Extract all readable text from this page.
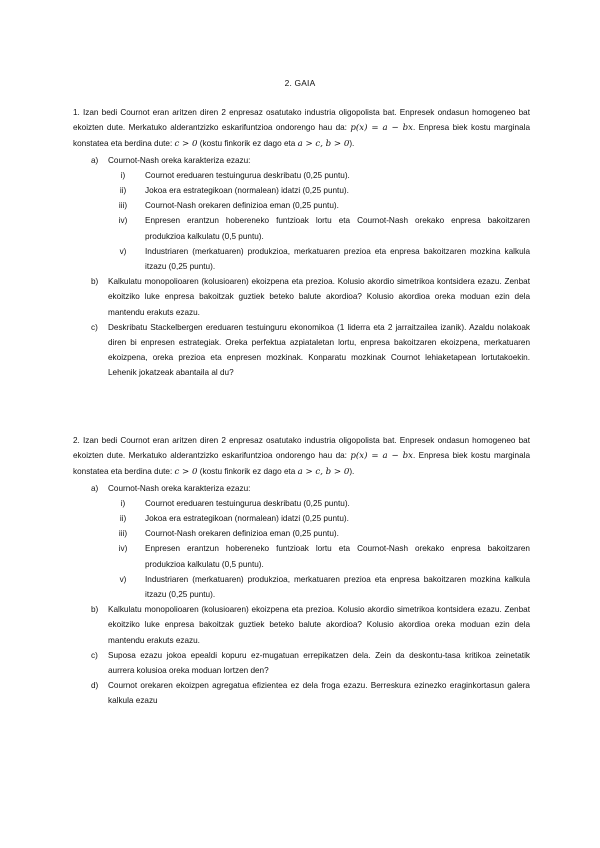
2. GAIA

1. Izan bedi Cournot eran aritzen diren 2 enpresaz osatutako industria oligopolista bat. Enpresek ondasun homogeneo bat ekoizten dute. Merkatuko alderantzizko eskarifuntzioa ondorengo hau da: p(x) = a − bx. Enpresa biek kostu marginala konstatea eta berdina dute: c > 0 (kostu finkorik ez dago eta a > c, b > 0).

a) Cournot-Nash oreka karakteriza ezazu:

i)	Cournot ereduaren testuingurua deskribatu (0,25 puntu).

ii)	Jokoa era estrategikoan (normalean) idatzi (0,25 puntu).

iii)	Cournot-Nash orekaren definizioa eman (0,25 puntu).

iv)	Enpresen erantzun hobereneko funtzioak lortu eta Cournot-Nash orekako enpresa bakoitzaren produkzioa kalkulatu (0,5 puntu).

v)	Industriaren (merkatuaren) produkzioa, merkatuaren prezioa eta enpresa bakoitzaren mozkina kalkula itzazu (0,25 puntu).

b) Kalkulatu monopolioaren (kolusioaren) ekoizpena eta prezioa. Kolusio akordio simetrikoa kontsidera ezazu. Zenbat ekoitziko luke enpresa bakoitzak guztiek beteko balute akordioa? Kolusio akordioa oreka moduan ezin dela mantendu erakuts ezazu.

c) Deskribatu Stackelbergen ereduaren testuinguru ekonomikoa (1 liderra eta 2 jarraitzailea izanik). Azaldu nolakoak diren bi enpresen estrategiak. Oreka perfektua azpiataletan lortu, enpresa bakoitzaren ekoizpena, merkatuaren ekoizpena, oreka prezioa eta enpresen mozkinak. Konparatu mozkinak Cournot lehiaketapean lortutakoekin. Lehenik jokatzeak abantaila al du?

2. Izan bedi Cournot eran aritzen diren 2 enpresaz osatutako industria oligopolista bat. Enpresek ondasun homogeneo bat ekoizten dute. Merkatuko alderantzizko eskarifuntzioa ondorengo hau da: p(x) = a − bx. Enpresa biek kostu marginala konstatea eta berdina dute: c > 0 (kostu finkorik ez dago eta a > c, b > 0).

a) Cournot-Nash oreka karakteriza ezazu:

i)	Cournot ereduaren testuingurua deskribatu (0,25 puntu).

ii)	Jokoa era estrategikoan (normalean) idatzi (0,25 puntu).

iii)	Cournot-Nash orekaren definizioa eman (0,25 puntu).

iv)	Enpresen erantzun hobereneko funtzioak lortu eta Cournot-Nash orekako enpresa bakoitzaren produkzioa kalkulatu (0,5 puntu).

v)	Industriaren (merkatuaren) produkzioa, merkatuaren prezioa eta enpresa bakoitzaren mozkina kalkula itzazu (0,25 puntu).

b) Kalkulatu monopolioaren (kolusioaren) ekoizpena eta prezioa. Kolusio akordio simetrikoa kontsidera ezazu. Zenbat ekoitziko luke enpresa bakoitzak guztiek beteko balute akordioa? Kolusio akordioa oreka moduan ezin dela mantendu erakuts ezazu.

c) Suposa ezazu jokoa epealdi kopuru ez-mugatuan errepikatzen dela. Zein da deskontu-tasa kritikoa zeinetatik aurrera kolusioa oreka moduan lortzen den?

d) Cournot orekaren ekoizpen agregatua efizientea ez dela froga ezazu. Berreskura ezinezko eraginkortasun galera kalkula ezazu
